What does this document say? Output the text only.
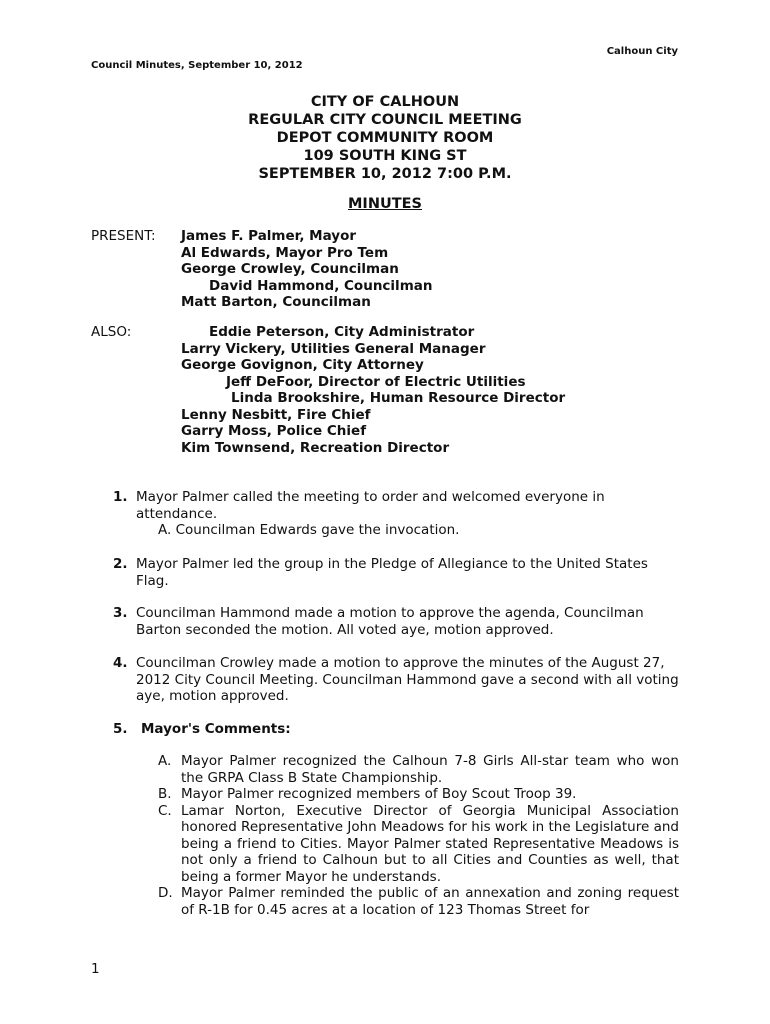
Calhoun City
Council Minutes, September 10, 2012
CITY OF CALHOUN
REGULAR CITY COUNCIL MEETING
DEPOT COMMUNITY ROOM
109 SOUTH KING ST
SEPTEMBER 10, 2012 7:00 P.M.
MINUTES
PRESENT: James F. Palmer, Mayor
Al Edwards, Mayor Pro Tem
George Crowley, Councilman
David Hammond, Councilman
Matt Barton, Councilman
ALSO:	Eddie Peterson, City Administrator
Larry Vickery, Utilities General Manager
George Govignon, City Attorney
Jeff DeFoor, Director of Electric Utilities
Linda Brookshire, Human Resource Director
Lenny Nesbitt, Fire Chief
Garry Moss, Police Chief
Kim Townsend, Recreation Director
1. Mayor Palmer called the meeting to order and welcomed everyone in attendance.
A. Councilman Edwards gave the invocation.
2. Mayor Palmer led the group in the Pledge of Allegiance to the United States Flag.
3. Councilman Hammond made a motion to approve the agenda, Councilman Barton seconded the motion. All voted aye, motion approved.
4. Councilman Crowley made a motion to approve the minutes of the August 27, 2012 City Council Meeting. Councilman Hammond gave a second with all voting aye, motion approved.
5. Mayor's Comments:
A. Mayor Palmer recognized the Calhoun 7-8 Girls All-star team who won the GRPA Class B State Championship.
B. Mayor Palmer recognized members of Boy Scout Troop 39.
C. Lamar Norton, Executive Director of Georgia Municipal Association honored Representative John Meadows for his work in the Legislature and being a friend to Cities. Mayor Palmer stated Representative Meadows is not only a friend to Calhoun but to all Cities and Counties as well, that being a former Mayor he understands.
D. Mayor Palmer reminded the public of an annexation and zoning request of R-1B for 0.45 acres at a location of 123 Thomas Street for
1
